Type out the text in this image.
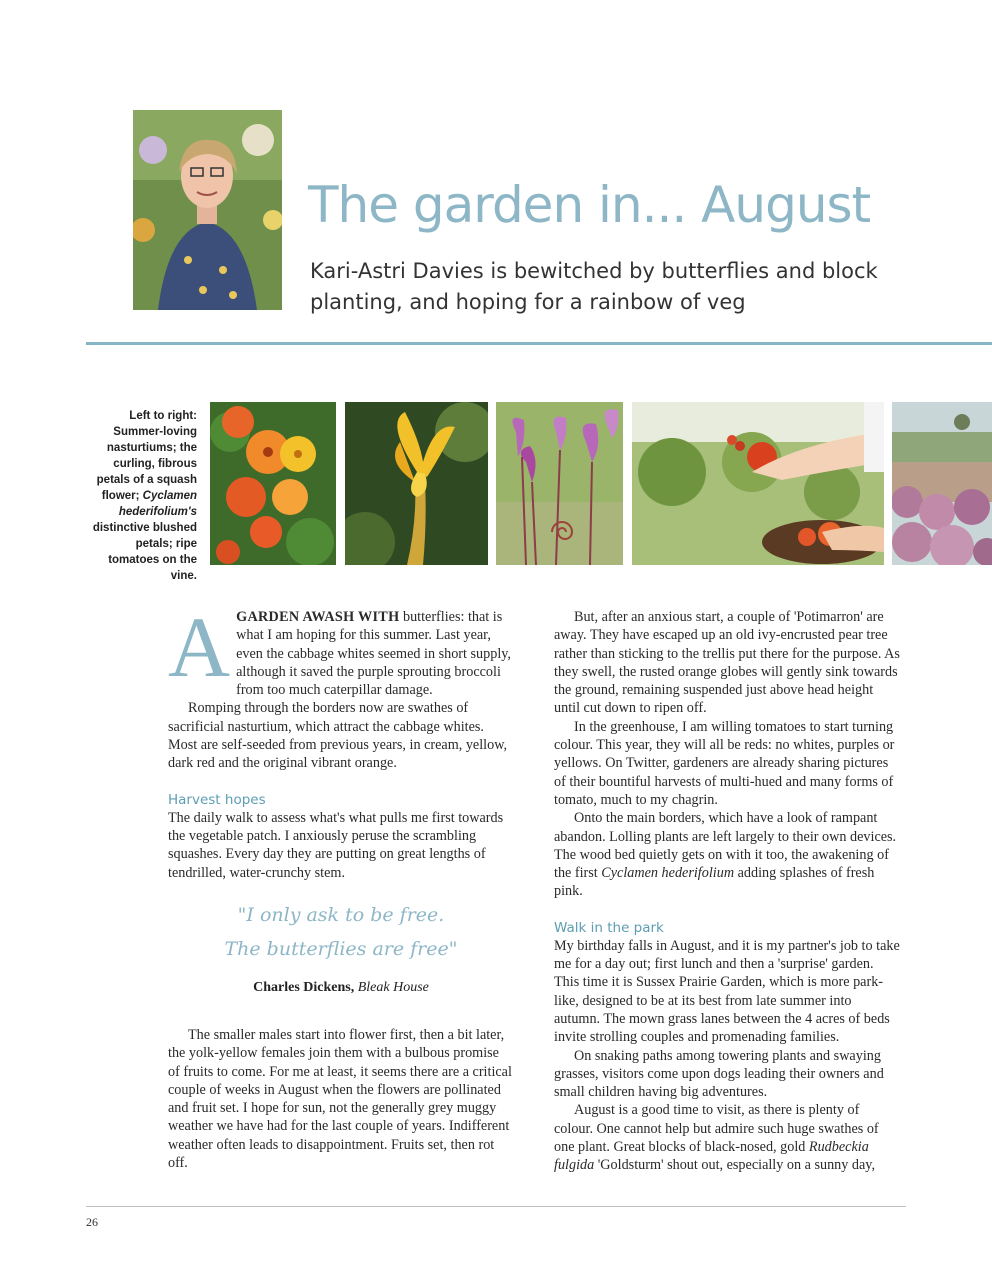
The garden in... August

Kari-Astri Davies is bewitched by butterflies and block planting, and hoping for a rainbow of veg

Left to right: Summer-loving nasturtiums; the curling, fibrous petals of a squash flower; Cyclamen hederifolium's distinctive blushed petals; ripe tomatoes on the vine.

AGARDEN AWASH WITH butterflies: that is what I am hoping for this summer. Last year, even the cabbage whites seemed in short supply, although it saved the purple sprouting broccoli from too much caterpillar damage.

Romping through the borders now are swathes of sacrificial nasturtium, which attract the cabbage whites. Most are self-seeded from previous years, in cream, yellow, dark red and the original vibrant orange.

Harvest hopes

The daily walk to assess what's what pulls me first towards the vegetable patch. I anxiously peruse the scrambling squashes. Every day they are putting on great lengths of tendrilled, water-crunchy stem.

"I only ask to be free.

The butterflies are free"

Charles Dickens, Bleak House

The smaller males start into flower first, then a bit later, the yolk-yellow females join them with a bulbous promise of fruits to come. For me at least, it seems there are a critical couple of weeks in August when the flowers are pollinated and fruit set. I hope for sun, not the generally grey muggy weather we have had for the last couple of years. Indifferent weather often leads to disappointment. Fruits set, then rot off.

But, after an anxious start, a couple of 'Potimarron' are away. They have escaped up an old ivy-encrusted pear tree rather than sticking to the trellis put there for the purpose. As they swell, the rusted orange globes will gently sink towards the ground, remaining suspended just above head height until cut down to ripen off.

In the greenhouse, I am willing tomatoes to start turning colour. This year, they will all be reds: no whites, purples or yellows. On Twitter, gardeners are already sharing pictures of their bountiful harvests of multi-hued and many forms of tomato, much to my chagrin.

Onto the main borders, which have a look of rampant abandon. Lolling plants are left largely to their own devices. The wood bed quietly gets on with it too, the awakening of the first Cyclamen hederifolium adding splashes of fresh pink.

Walk in the park

My birthday falls in August, and it is my partner's job to take me for a day out; first lunch and then a 'surprise' garden. This time it is Sussex Prairie Garden, which is more park-like, designed to be at its best from late summer into autumn. The mown grass lanes between the 4 acres of beds invite strolling couples and promenading families.

On snaking paths among towering plants and swaying grasses, visitors come upon dogs leading their owners and small children having big adventures.

August is a good time to visit, as there is plenty of colour. One cannot help but admire such huge swathes of one plant. Great blocks of black-nosed, gold Rudbeckia fulgida 'Goldsturm' shout out, especially on a sunny day,

26
